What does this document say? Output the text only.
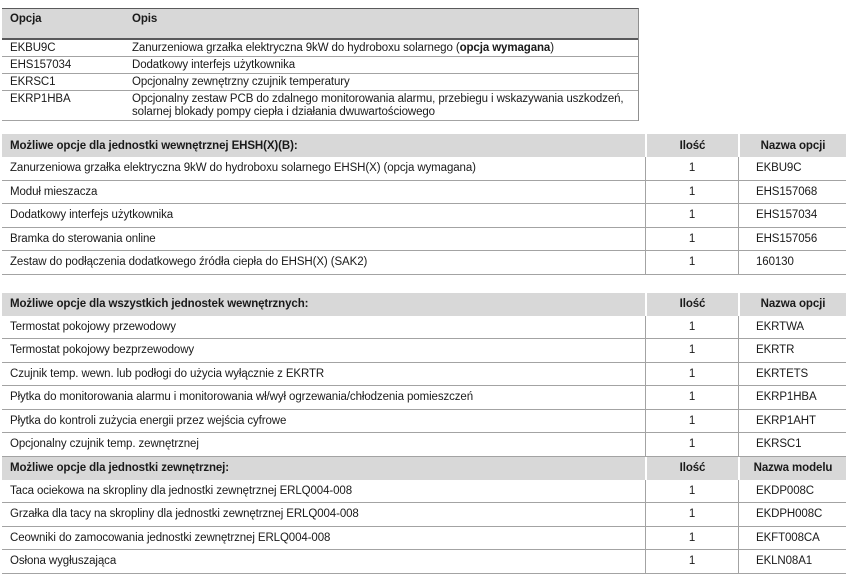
Opcja	Opis
EKBU9C	Zanurzeniowa grzałka elektryczna 9kW do hydroboxu solarnego (opcja wymagana)
EHS157034	Dodatkowy interfejs użytkownika
EKRSC1	Opcjonalny zewnętrzny czujnik temperatury
EKRP1HBA	Opcjonalny zestaw PCB do zdalnego monitorowania alarmu, przebiegu i wskazywania uszkodzeń, solarnej blokady pompy ciepła i działania dwuwartościowego
Możliwe opcje dla jednostki wewnętrznej EHSH(X)(B):	Ilość	Nazwa opcji
Zanurzeniowa grzałka elektryczna 9kW do hydroboxu solarnego EHSH(X) (opcja wymagana)	1	EKBU9C
Moduł mieszacza	1	EHS157068
Dodatkowy interfejs użytkownika	1	EHS157034
Bramka do sterowania online	1	EHS157056
Zestaw do podłączenia dodatkowego źródła ciepła do EHSH(X) (SAK2)	1	160130
Możliwe opcje dla wszystkich jednostek wewnętrznych:	Ilość	Nazwa opcji
Termostat pokojowy przewodowy	1	EKRTWA
Termostat pokojowy bezprzewodowy	1	EKRTR
Czujnik temp. wewn. lub podłogi do użycia wyłącznie z EKRTR	1	EKRTETS
Płytka do monitorowania alarmu i monitorowania wł/wył ogrzewania/chłodzenia pomieszczeń	1	EKRP1HBA
Płytka do kontroli zużycia energii przez wejścia cyfrowe	1	EKRP1AHT
Opcjonalny czujnik temp. zewnętrznej	1	EKRSC1
Możliwe opcje dla jednostki zewnętrznej:	Ilość	Nazwa modelu
Taca ociekowa na skropliny dla jednostki zewnętrznej ERLQ004-008	1	EKDP008C
Grzałka dla tacy na skropliny dla jednostki zewnętrznej ERLQ004-008	1	EKDPH008C
Ceowniki do zamocowania jednostki zewnętrznej ERLQ004-008	1	EKFT008CA
Osłona wygłuszająca	1	EKLN08A1
